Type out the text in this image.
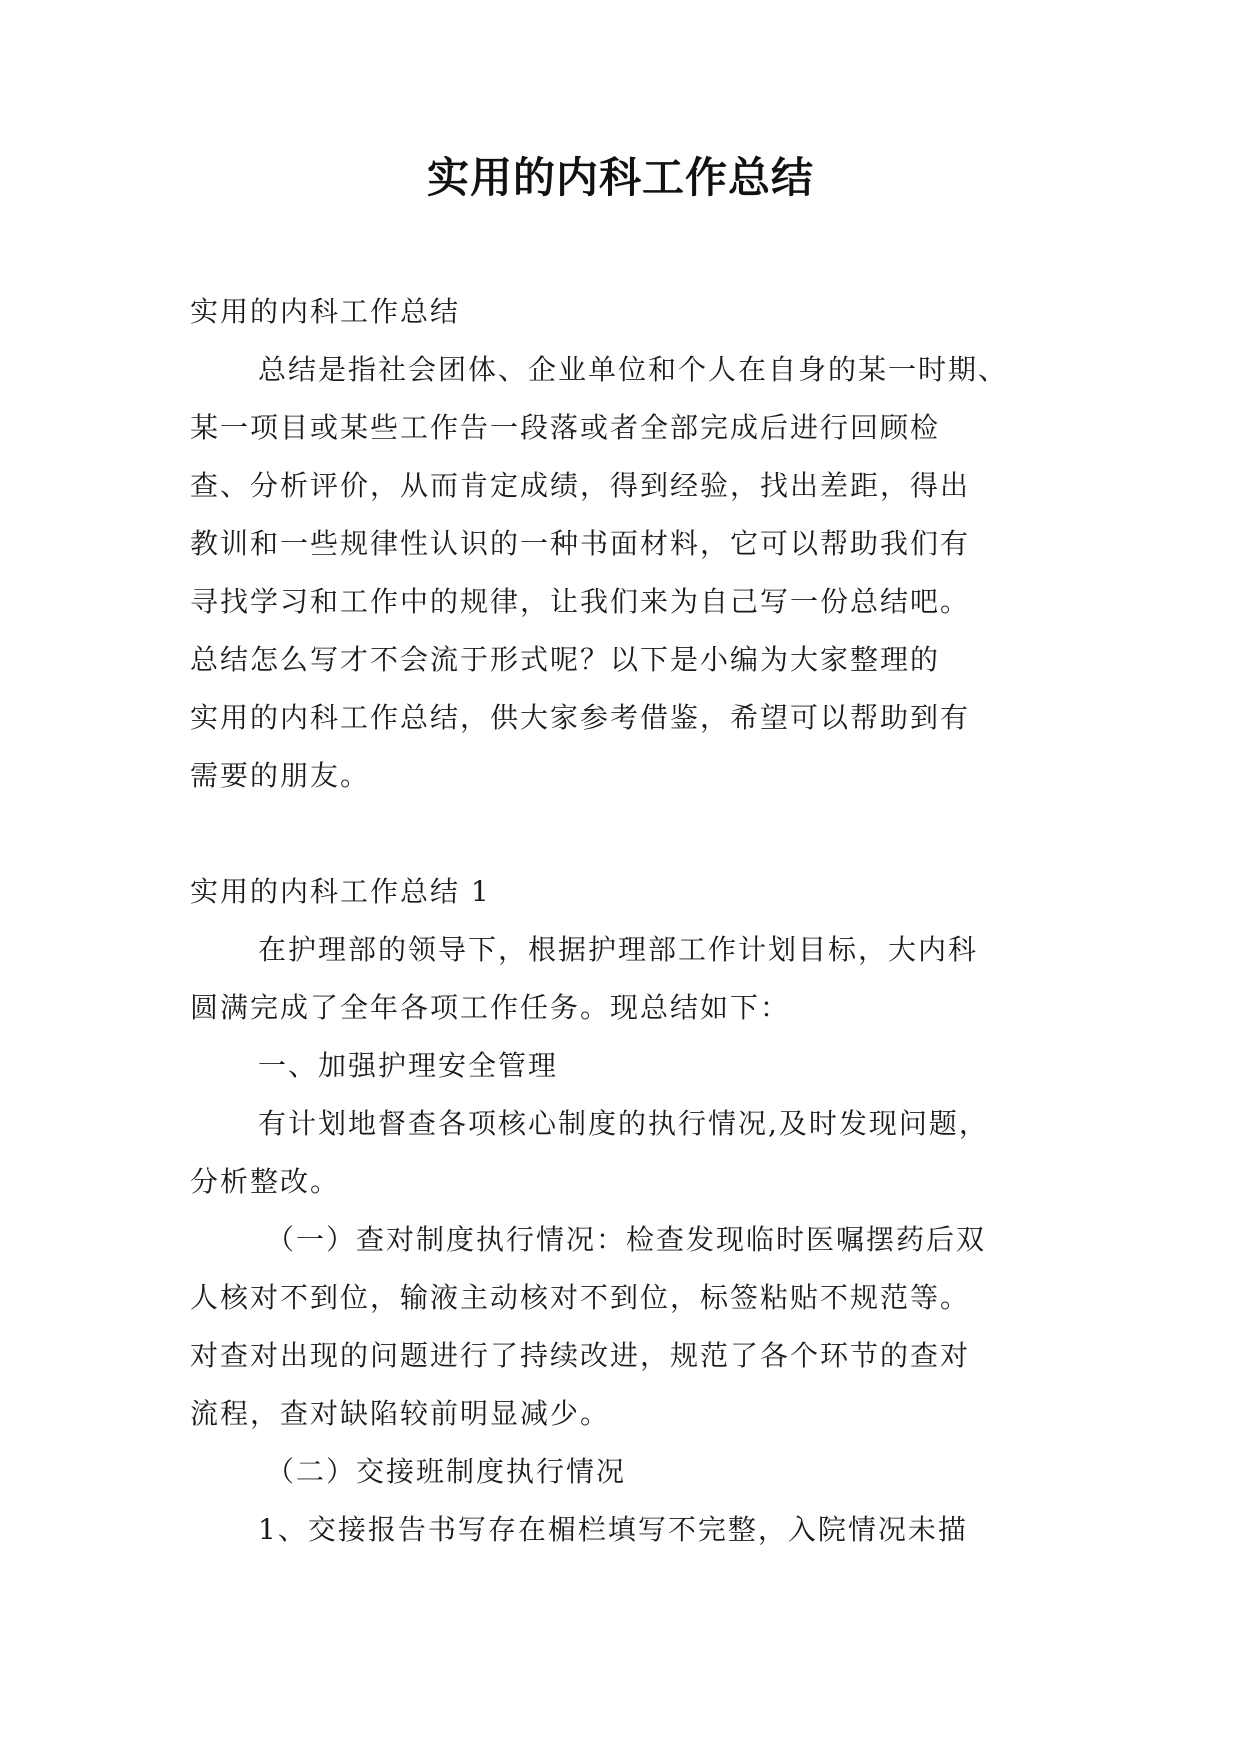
实用的内科工作总结

实用的内科工作总结

总结是指社会团体、企业单位和个人在自身的某一时期、

某一项目或某些工作告一段落或者全部完成后进行回顾检

查、分析评价，从而肯定成绩，得到经验，找出差距，得出

教训和一些规律性认识的一种书面材料，它可以帮助我们有

寻找学习和工作中的规律，让我们来为自己写一份总结吧。

总结怎么写才不会流于形式呢？以下是小编为大家整理的

实用的内科工作总结，供大家参考借鉴，希望可以帮助到有

需要的朋友。

实用的内科工作总结 1

在护理部的领导下，根据护理部工作计划目标，大内科

圆满完成了全年各项工作任务。现总结如下：

一、加强护理安全管理

有计划地督查各项核心制度的执行情况,及时发现问题，

分析整改。

（一）查对制度执行情况：检查发现临时医嘱摆药后双

人核对不到位，输液主动核对不到位，标签粘贴不规范等。

对查对出现的问题进行了持续改进，规范了各个环节的查对

流程，查对缺陷较前明显减少。

（二）交接班制度执行情况

1、交接报告书写存在楣栏填写不完整，入院情况未描
